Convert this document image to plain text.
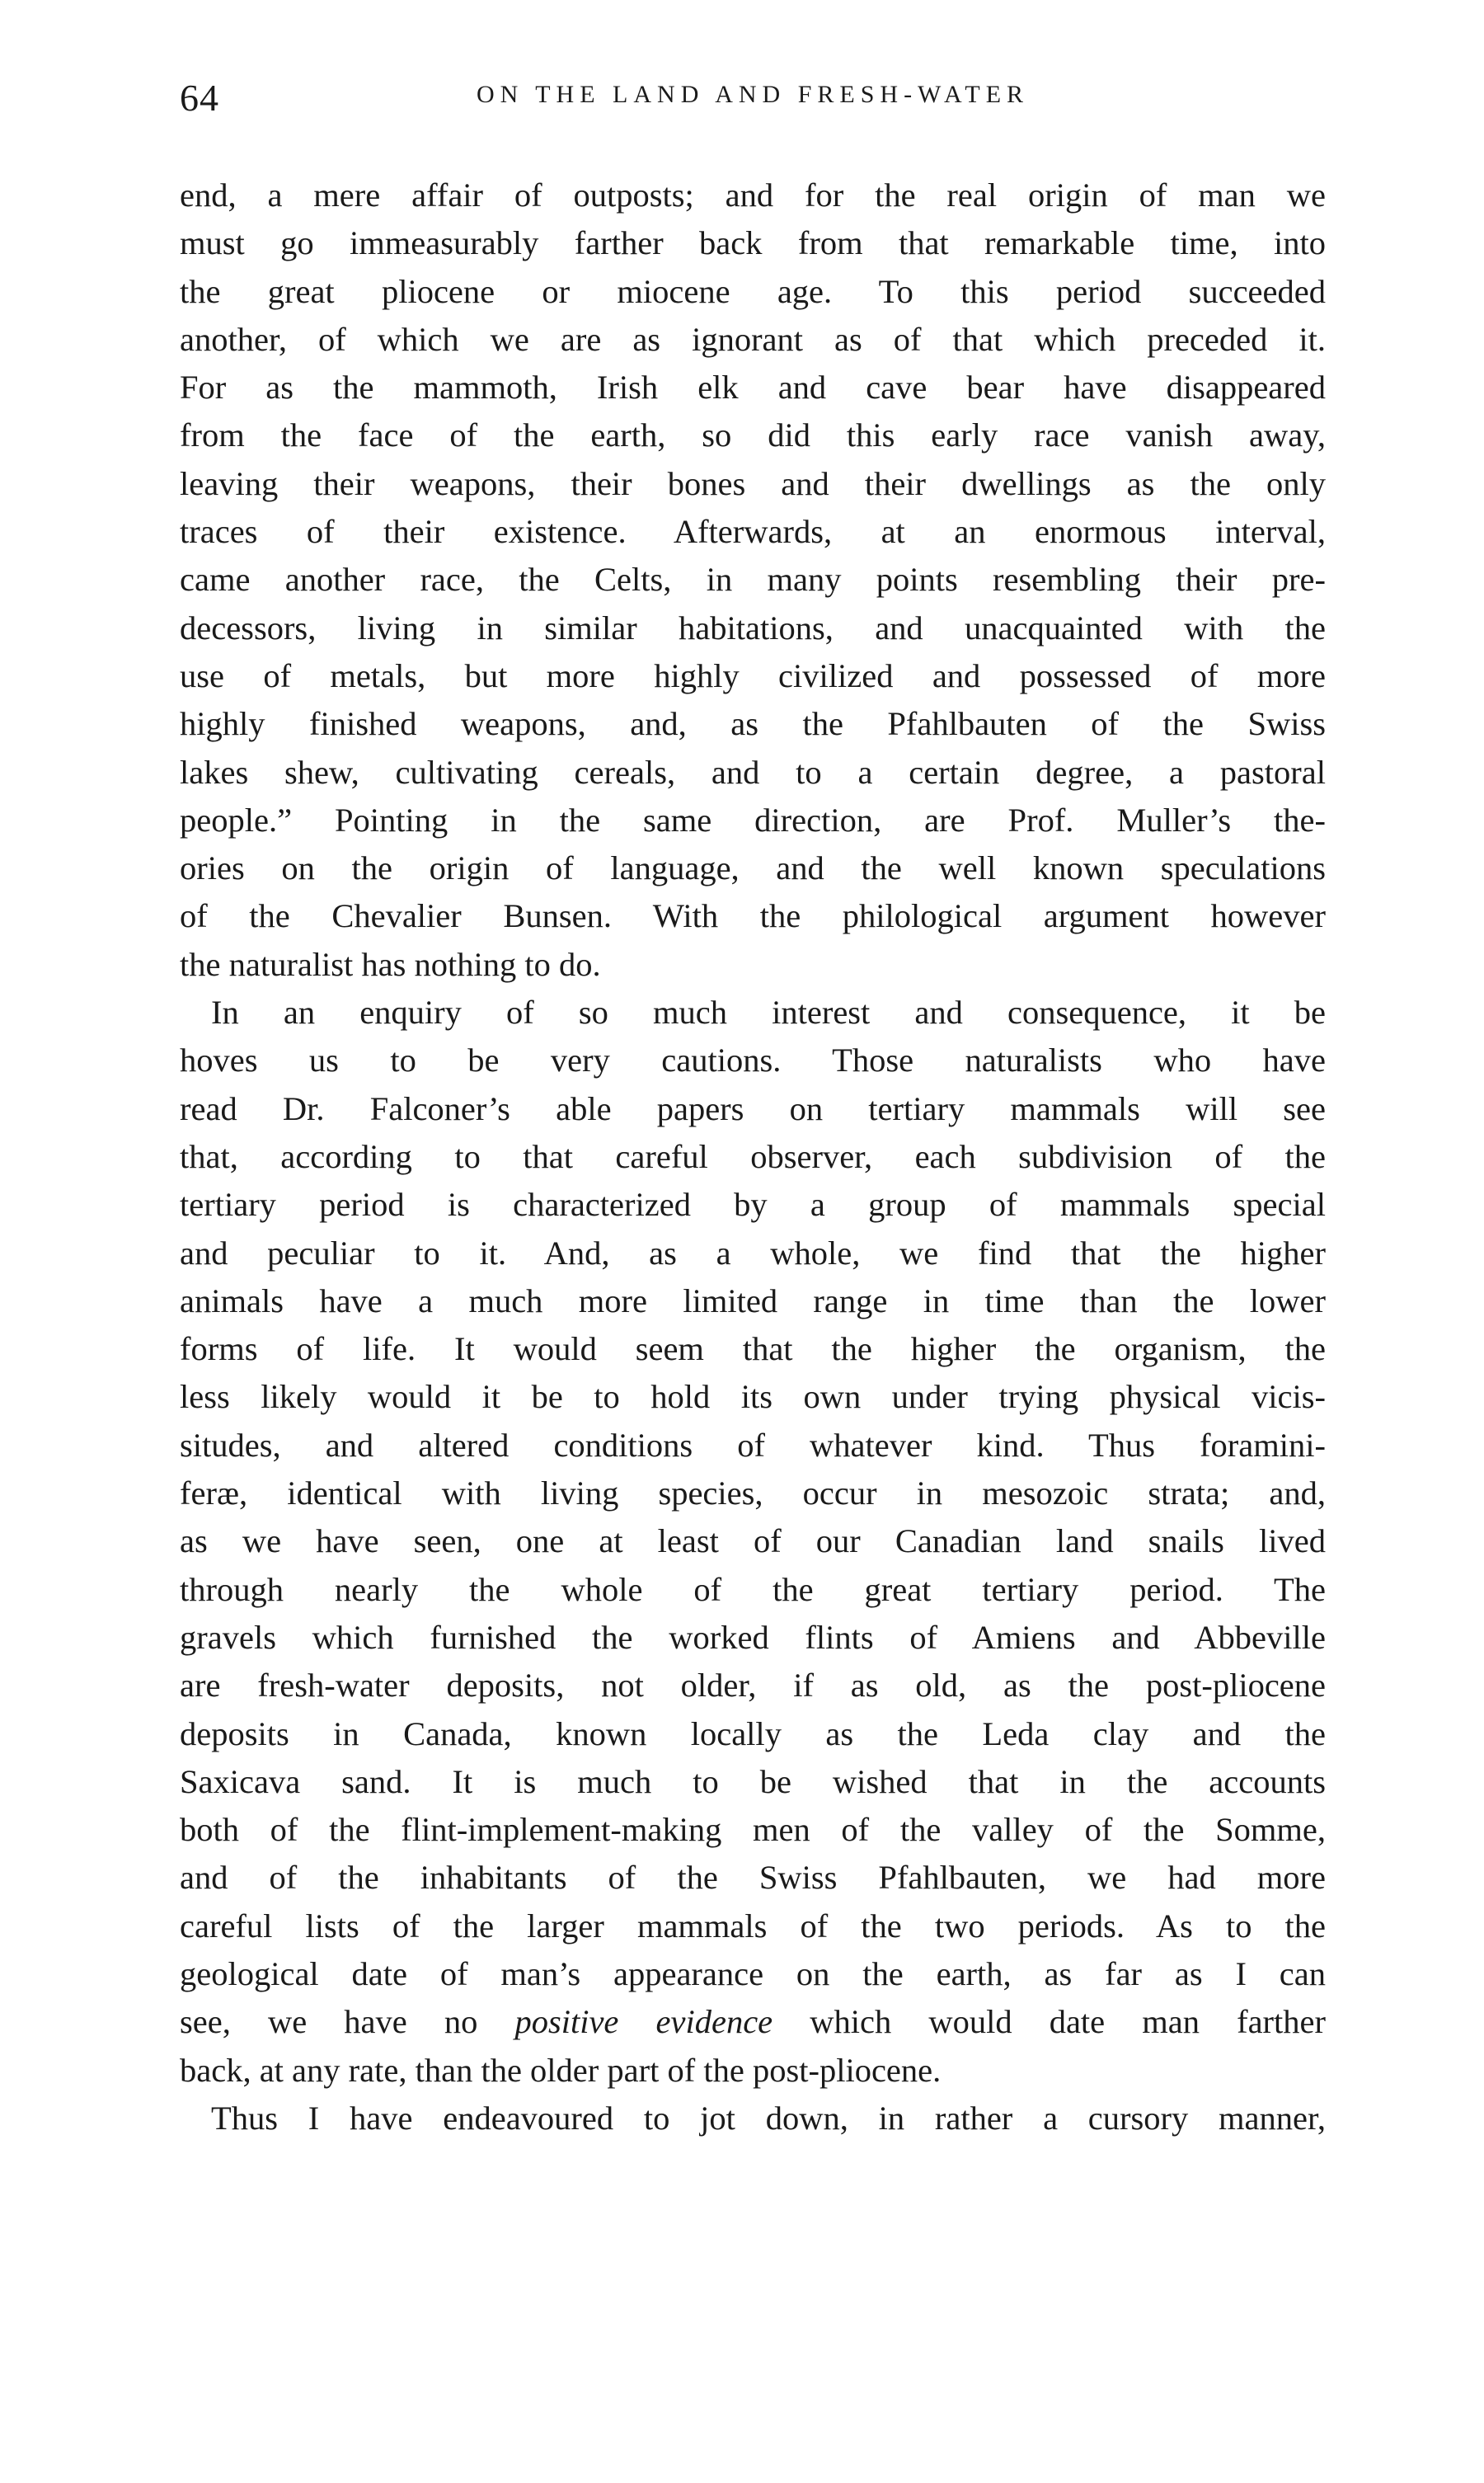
64	ON THE LAND AND FRESH-WATER
end, a mere affair of outposts; and for the real origin of man we
must go immeasurably farther back from that remarkable time, into
the great pliocene or miocene age. To this period succeeded
another, of which we are as ignorant as of that which preceded it.
For as the mammoth, Irish elk and cave bear have disappeared
from the face of the earth, so did this early race vanish away,
leaving their weapons, their bones and their dwellings as the only
traces of their existence. Afterwards, at an enormous interval,
came another race, the Celts, in many points resembling their pre-
decessors, living in similar habitations, and unacquainted with the
use of metals, but more highly civilized and possessed of more
highly finished weapons, and, as the Pfahlbauten of the Swiss
lakes shew, cultivating cereals, and to a certain degree, a pastoral
people.” Pointing in the same direction, are Prof. Muller’s the-
ories on the origin of language, and the well known speculations
of the Chevalier Bunsen. With the philological argument however
the naturalist has nothing to do.
In an enquiry of so much interest and consequence, it be
hoves us to be very cautions. Those naturalists who have
read Dr. Falconer’s able papers on tertiary mammals will see
that, according to that careful observer, each subdivision of the
tertiary period is characterized by a group of mammals special
and peculiar to it. And, as a whole, we find that the higher
animals have a much more limited range in time than the lower
forms of life. It would seem that the higher the organism, the
less likely would it be to hold its own under trying physical vicis-
situdes, and altered conditions of whatever kind. Thus foramini-
feræ, identical with living species, occur in mesozoic strata; and,
as we have seen, one at least of our Canadian land snails lived
through nearly the whole of the great tertiary period. The
gravels which furnished the worked flints of Amiens and Abbeville
are fresh-water deposits, not older, if as old, as the post-pliocene
deposits in Canada, known locally as the Leda clay and the
Saxicava sand. It is much to be wished that in the accounts
both of the flint-implement-making men of the valley of the Somme,
and of the inhabitants of the Swiss Pfahlbauten, we had more
careful lists of the larger mammals of the two periods. As to the
geological date of man’s appearance on the earth, as far as I can
see, we have no positive evidence which would date man farther
back, at any rate, than the older part of the post-pliocene.
Thus I have endeavoured to jot down, in rather a cursory manner,
